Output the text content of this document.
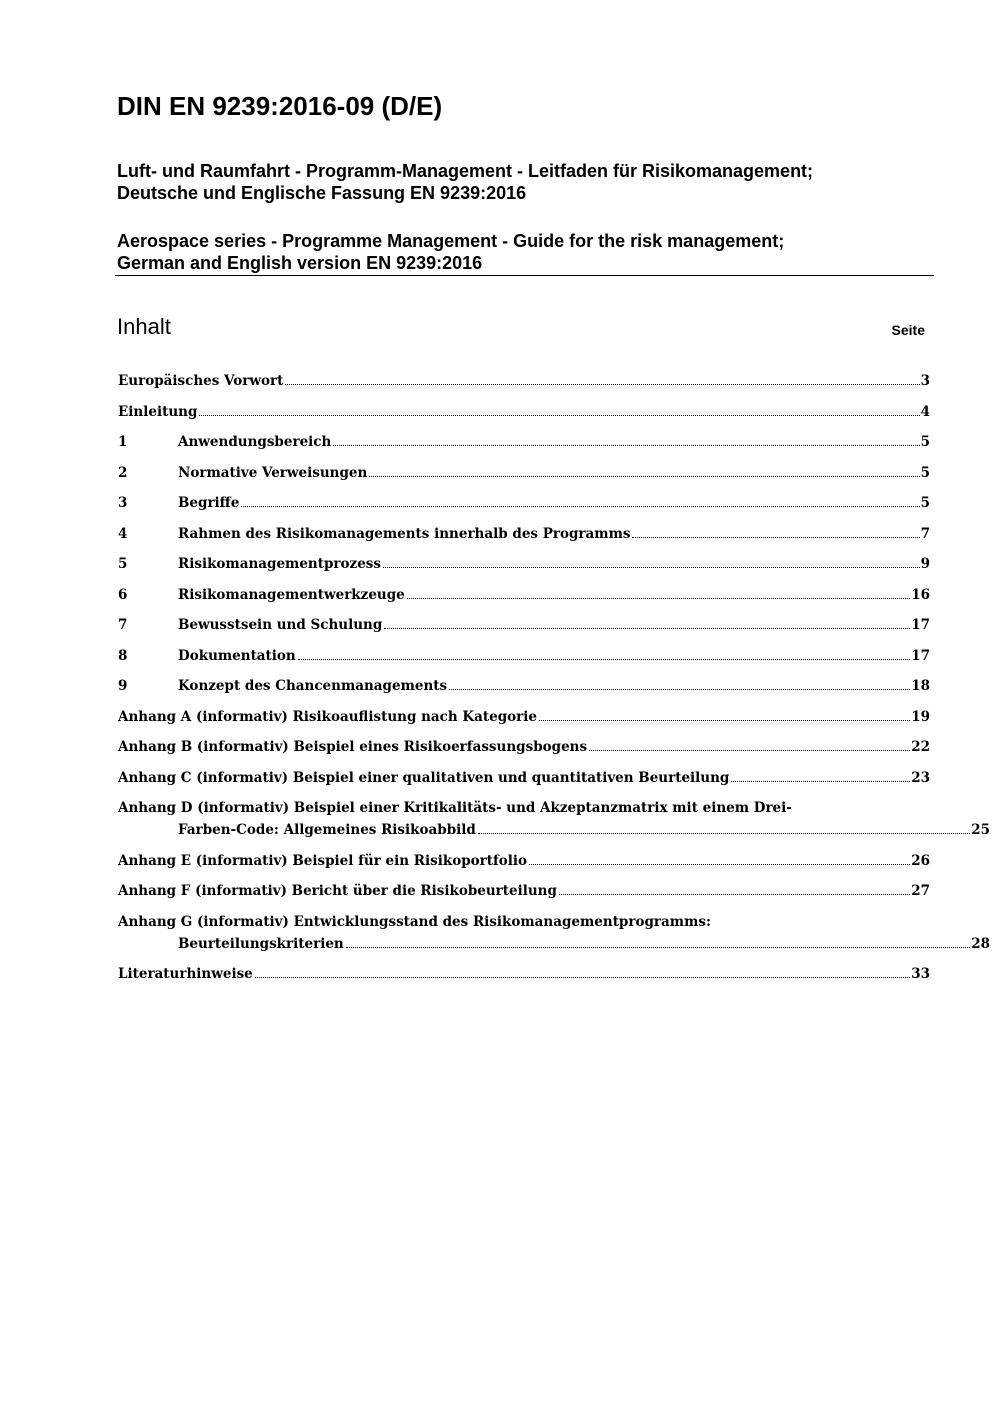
DIN EN 9239:2016-09 (D/E)
Luft- und Raumfahrt - Programm-Management - Leitfaden für Risikomanagement;
Deutsche und Englische Fassung EN 9239:2016
Aerospace series - Programme Management - Guide for the risk management;
German and English version EN 9239:2016
Inhalt	Seite
Europäisches Vorwort	3
Einleitung	4
1	Anwendungsbereich	5
2	Normative Verweisungen	5
3	Begriffe	5
4	Rahmen des Risikomanagements innerhalb des Programms	7
5	Risikomanagementprozess	9
6	Risikomanagementwerkzeuge	16
7	Bewusstsein und Schulung	17
8	Dokumentation	17
9	Konzept des Chancenmanagements	18
Anhang A (informativ) Risikoauflistung nach Kategorie	19
Anhang B (informativ) Beispiel eines Risikoerfassungsbogens	22
Anhang C (informativ) Beispiel einer qualitativen und quantitativen Beurteilung	23
Anhang D (informativ) Beispiel einer Kritikalitäts- und Akzeptanzmatrix mit einem Drei-
Farben-Code: Allgemeines Risikoabbild	25
Anhang E (informativ) Beispiel für ein Risikoportfolio	26
Anhang F (informativ) Bericht über die Risikobeurteilung	27
Anhang G (informativ) Entwicklungsstand des Risikomanagementprogramms:
Beurteilungskriterien	28
Literaturhinweise	33
